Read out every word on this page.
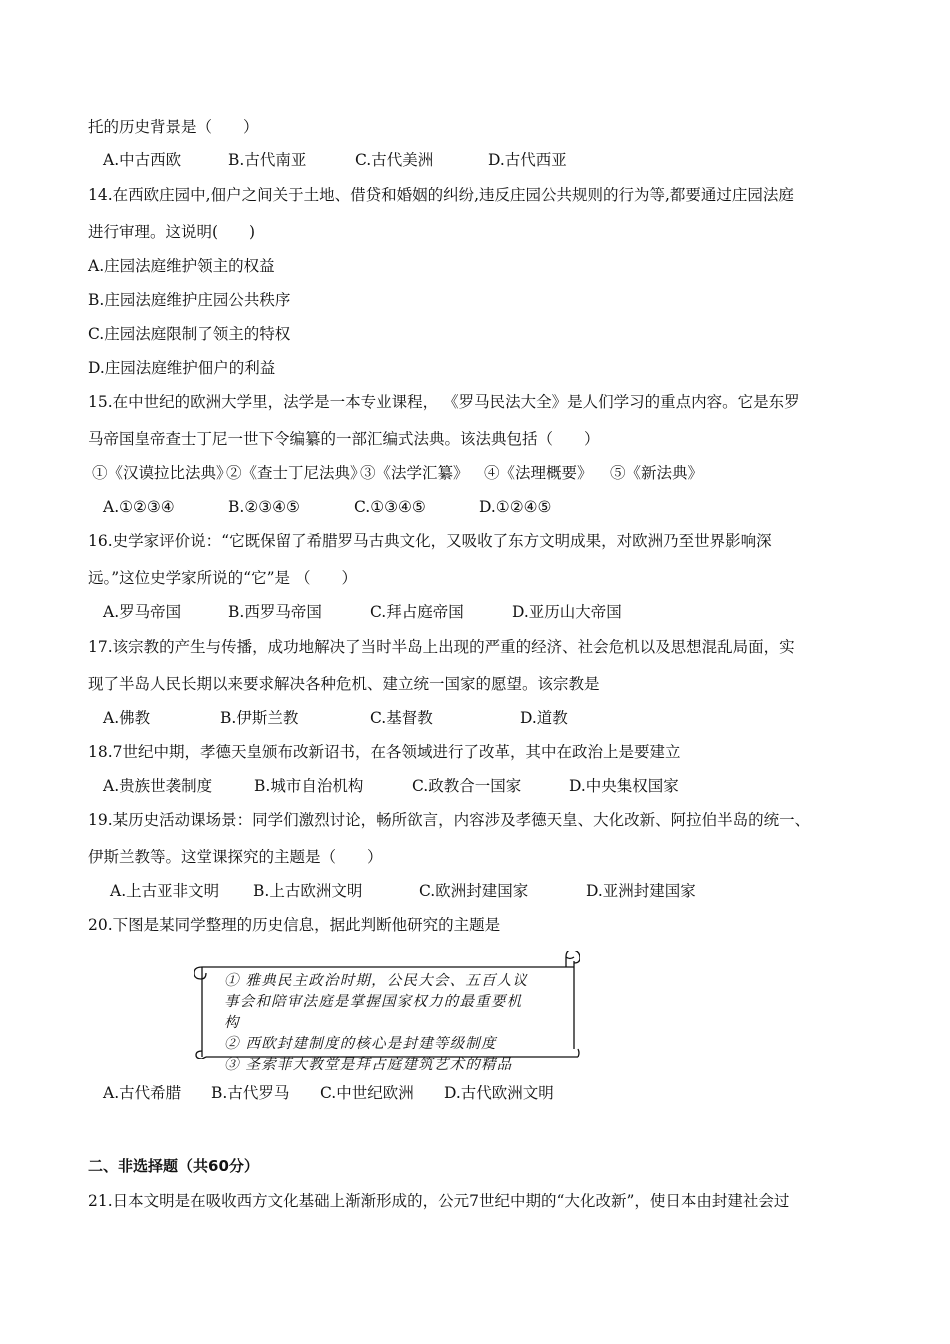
托的历史背景是（　　）
A.中古西欧	B.古代南亚	C.古代美洲	D.古代西亚
14.在西欧庄园中,佃户之间关于土地、借贷和婚姻的纠纷,违反庄园公共规则的行为等,都要通过庄园法庭
进行审理。这说明(　　)
A.庄园法庭维护领主的权益
B.庄园法庭维护庄园公共秩序
C.庄园法庭限制了领主的特权
D.庄园法庭维护佃户的利益
15.在中世纪的欧洲大学里，法学是一本专业课程， 《罗马民法大全》是人们学习的重点内容。它是东罗
马帝国皇帝查士丁尼一世下令编纂的一部汇编式法典。该法典包括（　　）
①《汉谟拉比法典》②《查士丁尼法典》③《法学汇纂》 ④《法理概要》 ⑤《新法典》
A.①②③④	B.②③④⑤	C.①③④⑤	D.①②④⑤
16.史学家评价说：“它既保留了希腊罗马古典文化，又吸收了东方文明成果，对欧洲乃至世界影响深
远。”这位史学家所说的“它”是 （　　）
A.罗马帝国	B.西罗马帝国	C.拜占庭帝国	D.亚历山大帝国
17.该宗教的产生与传播，成功地解决了当时半岛上出现的严重的经济、社会危机以及思想混乱局面，实
现了半岛人民长期以来要求解决各种危机、建立统一国家的愿望。该宗教是
A.佛教	B.伊斯兰教	C.基督教	D.道教
18.7世纪中期，孝德天皇颁布改新诏书，在各领域进行了改革，其中在政治上是要建立
A.贵族世袭制度	B.城市自治机构	C.政教合一国家	D.中央集权国家
19.某历史活动课场景：同学们激烈讨论，畅所欲言，内容涉及孝德天皇、大化改新、阿拉伯半岛的统一、
伊斯兰教等。这堂课探究的主题是（　　）
A.上古亚非文明 B.上古欧洲文明	C.欧洲封建国家	D.亚洲封建国家
20.下图是某同学整理的历史信息，据此判断他研究的主题是
① 雅典民主政治时期，公民大会、五百人议
事会和陪审法庭是掌握国家权力的最重要机
构
② 西欧封建制度的核心是封建等级制度
③ 圣索菲大教堂是拜占庭建筑艺术的精品
A.古代希腊 B.古代罗马 C.中世纪欧洲 D.古代欧洲文明
二、非选择题（共60分）
21.日本文明是在吸收西方文化基础上渐渐形成的，公元7世纪中期的“大化改新”，使日本由封建社会过
